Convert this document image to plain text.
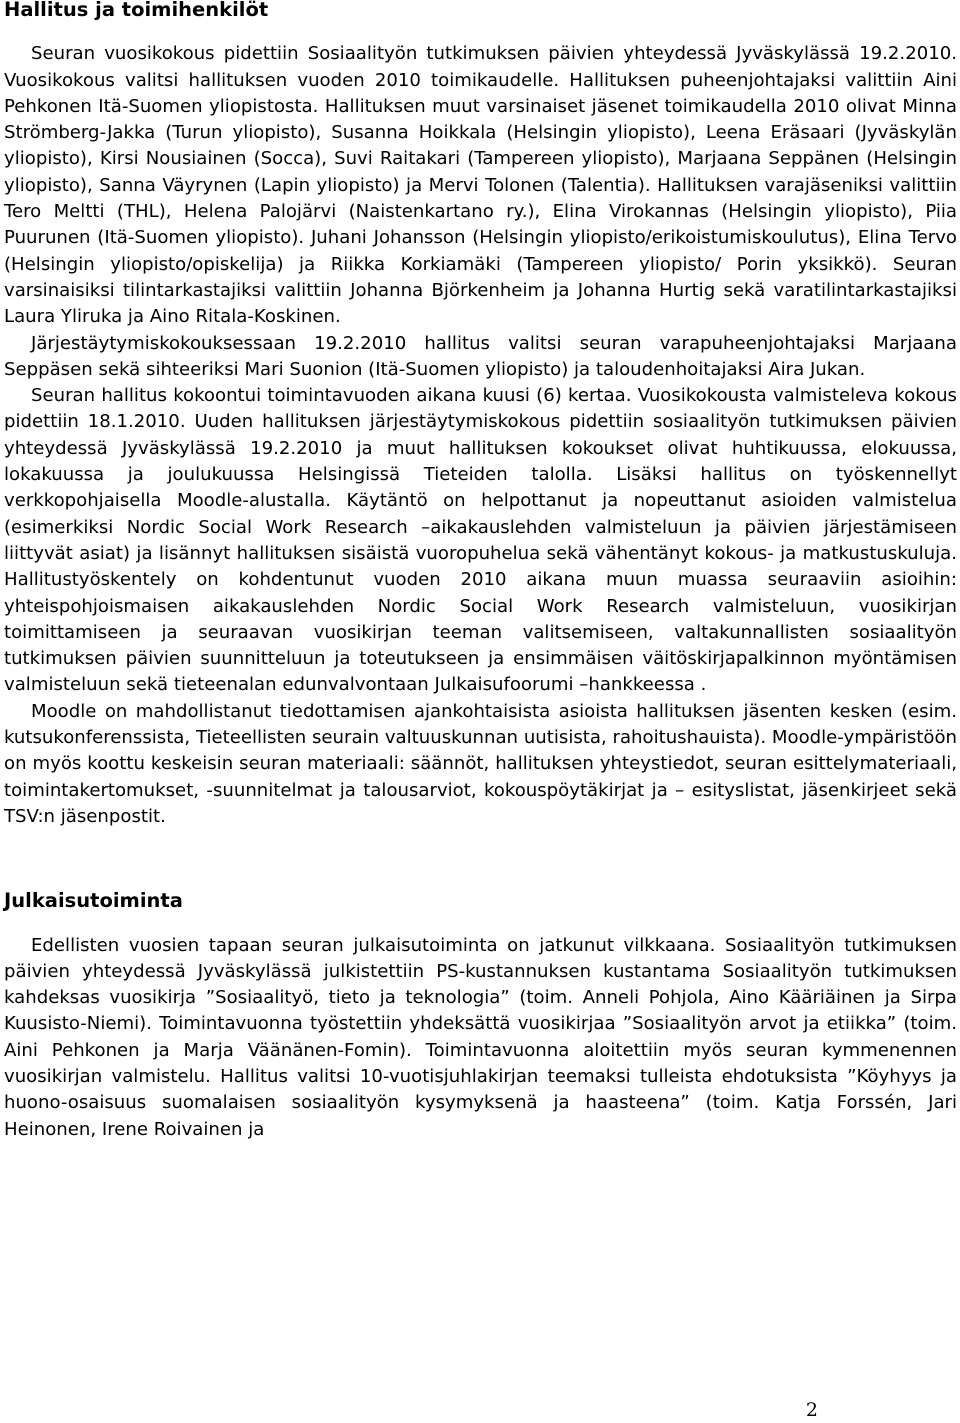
Hallitus ja toimihenkilöt

Seuran vuosikokous pidettiin Sosiaalityön tutkimuksen päivien yhteydessä Jyväskylässä 19.2.2010. Vuosikokous valitsi hallituksen vuoden 2010 toimikaudelle. Hallituksen puheenjohtajaksi valittiin Aini Pehkonen Itä-Suomen yliopistosta. Hallituksen muut varsinaiset jäsenet toimikaudella 2010 olivat Minna Strömberg-Jakka (Turun yliopisto), Susanna Hoikkala (Helsingin yliopisto), Leena Eräsaari (Jyväskylän yliopisto), Kirsi Nousiainen (Socca), Suvi Raitakari (Tampereen yliopisto), Marjaana Seppänen (Helsingin yliopisto), Sanna Väyrynen (Lapin yliopisto) ja Mervi Tolonen (Talentia). Hallituksen varajäseniksi valittiin Tero Meltti (THL), Helena Palojärvi (Naistenkartano ry.), Elina Virokannas (Helsingin yliopisto), Piia Puurunen (Itä-Suomen yliopisto). Juhani Johansson (Helsingin yliopisto/erikoistumiskoulutus), Elina Tervo (Helsingin yliopisto/opiskelija) ja Riikka Korkiamäki (Tampereen yliopisto/ Porin yksikkö). Seuran varsinaisiksi tilintarkastajiksi valittiin Johanna Björkenheim ja Johanna Hurtig sekä varatilintarkastajiksi Laura Yliruka ja Aino Ritala-Koskinen.

Järjestäytymiskokouksessaan 19.2.2010 hallitus valitsi seuran varapuheenjohtajaksi Marjaana Seppäsen sekä sihteeriksi Mari Suonion (Itä-Suomen yliopisto) ja taloudenhoitajaksi Aira Jukan.

Seuran hallitus kokoontui toimintavuoden aikana kuusi (6) kertaa. Vuosikokousta valmisteleva kokous pidettiin 18.1.2010. Uuden hallituksen järjestäytymiskokous pidettiin sosiaalityön tutkimuksen päivien yhteydessä Jyväskylässä 19.2.2010 ja muut hallituksen kokoukset olivat huhtikuussa, elokuussa, lokakuussa ja joulukuussa Helsingissä Tieteiden talolla. Lisäksi hallitus on työskennellyt verkkopohjaisella Moodle-alustalla. Käytäntö on helpottanut ja nopeuttanut asioiden valmistelua (esimerkiksi Nordic Social Work Research –aikakauslehden valmisteluun ja päivien järjestämiseen liittyvät asiat) ja lisännyt hallituksen sisäistä vuoropuhelua sekä vähentänyt kokous- ja matkustuskuluja. Hallitustyöskentely on kohdentunut vuoden 2010 aikana muun muassa seuraaviin asioihin: yhteispohjoismaisen aikakauslehden Nordic Social Work Research valmisteluun, vuosikirjan toimittamiseen ja seuraavan vuosikirjan teeman valitsemiseen, valtakunnallisten sosiaalityön tutkimuksen päivien suunnitteluun ja toteutukseen ja ensimmäisen väitöskirjapalkinnon myöntämisen valmisteluun sekä tieteenalan edunvalvontaan Julkaisufoorumi –hankkeessa .

Moodle on mahdollistanut tiedottamisen ajankohtaisista asioista hallituksen jäsenten kesken (esim. kutsukonferenssista, Tieteellisten seurain valtuuskunnan uutisista, rahoitushauista). Moodle-ympäristöön on myös koottu keskeisin seuran materiaali: säännöt, hallituksen yhteystiedot, seuran esittelymateriaali, toimintakertomukset, -suunnitelmat ja talousarviot, kokouspöytäkirjat ja – esityslistat, jäsenkirjeet sekä TSV:n jäsenpostit.

Julkaisutoiminta

Edellisten vuosien tapaan seuran julkaisutoiminta on jatkunut vilkkaana. Sosiaalityön tutkimuksen päivien yhteydessä Jyväskylässä julkistettiin PS-kustannuksen kustantama Sosiaalityön tutkimuksen kahdeksas vuosikirja ”Sosiaalityö, tieto ja teknologia” (toim. Anneli Pohjola, Aino Kääriäinen ja Sirpa Kuusisto-Niemi). Toimintavuonna työstettiin yhdeksättä vuosikirjaa ”Sosiaalityön arvot ja etiikka” (toim. Aini Pehkonen ja Marja Väänänen-Fomin). Toimintavuonna aloitettiin myös seuran kymmenennen vuosikirjan valmistelu. Hallitus valitsi 10-vuotisjuhlakirjan teemaksi tulleista ehdotuksista ”Köyhyys ja huono-osaisuus suomalaisen sosiaalityön kysymyksenä ja haasteena” (toim. Katja Forssén, Jari Heinonen, Irene Roivainen ja

2
